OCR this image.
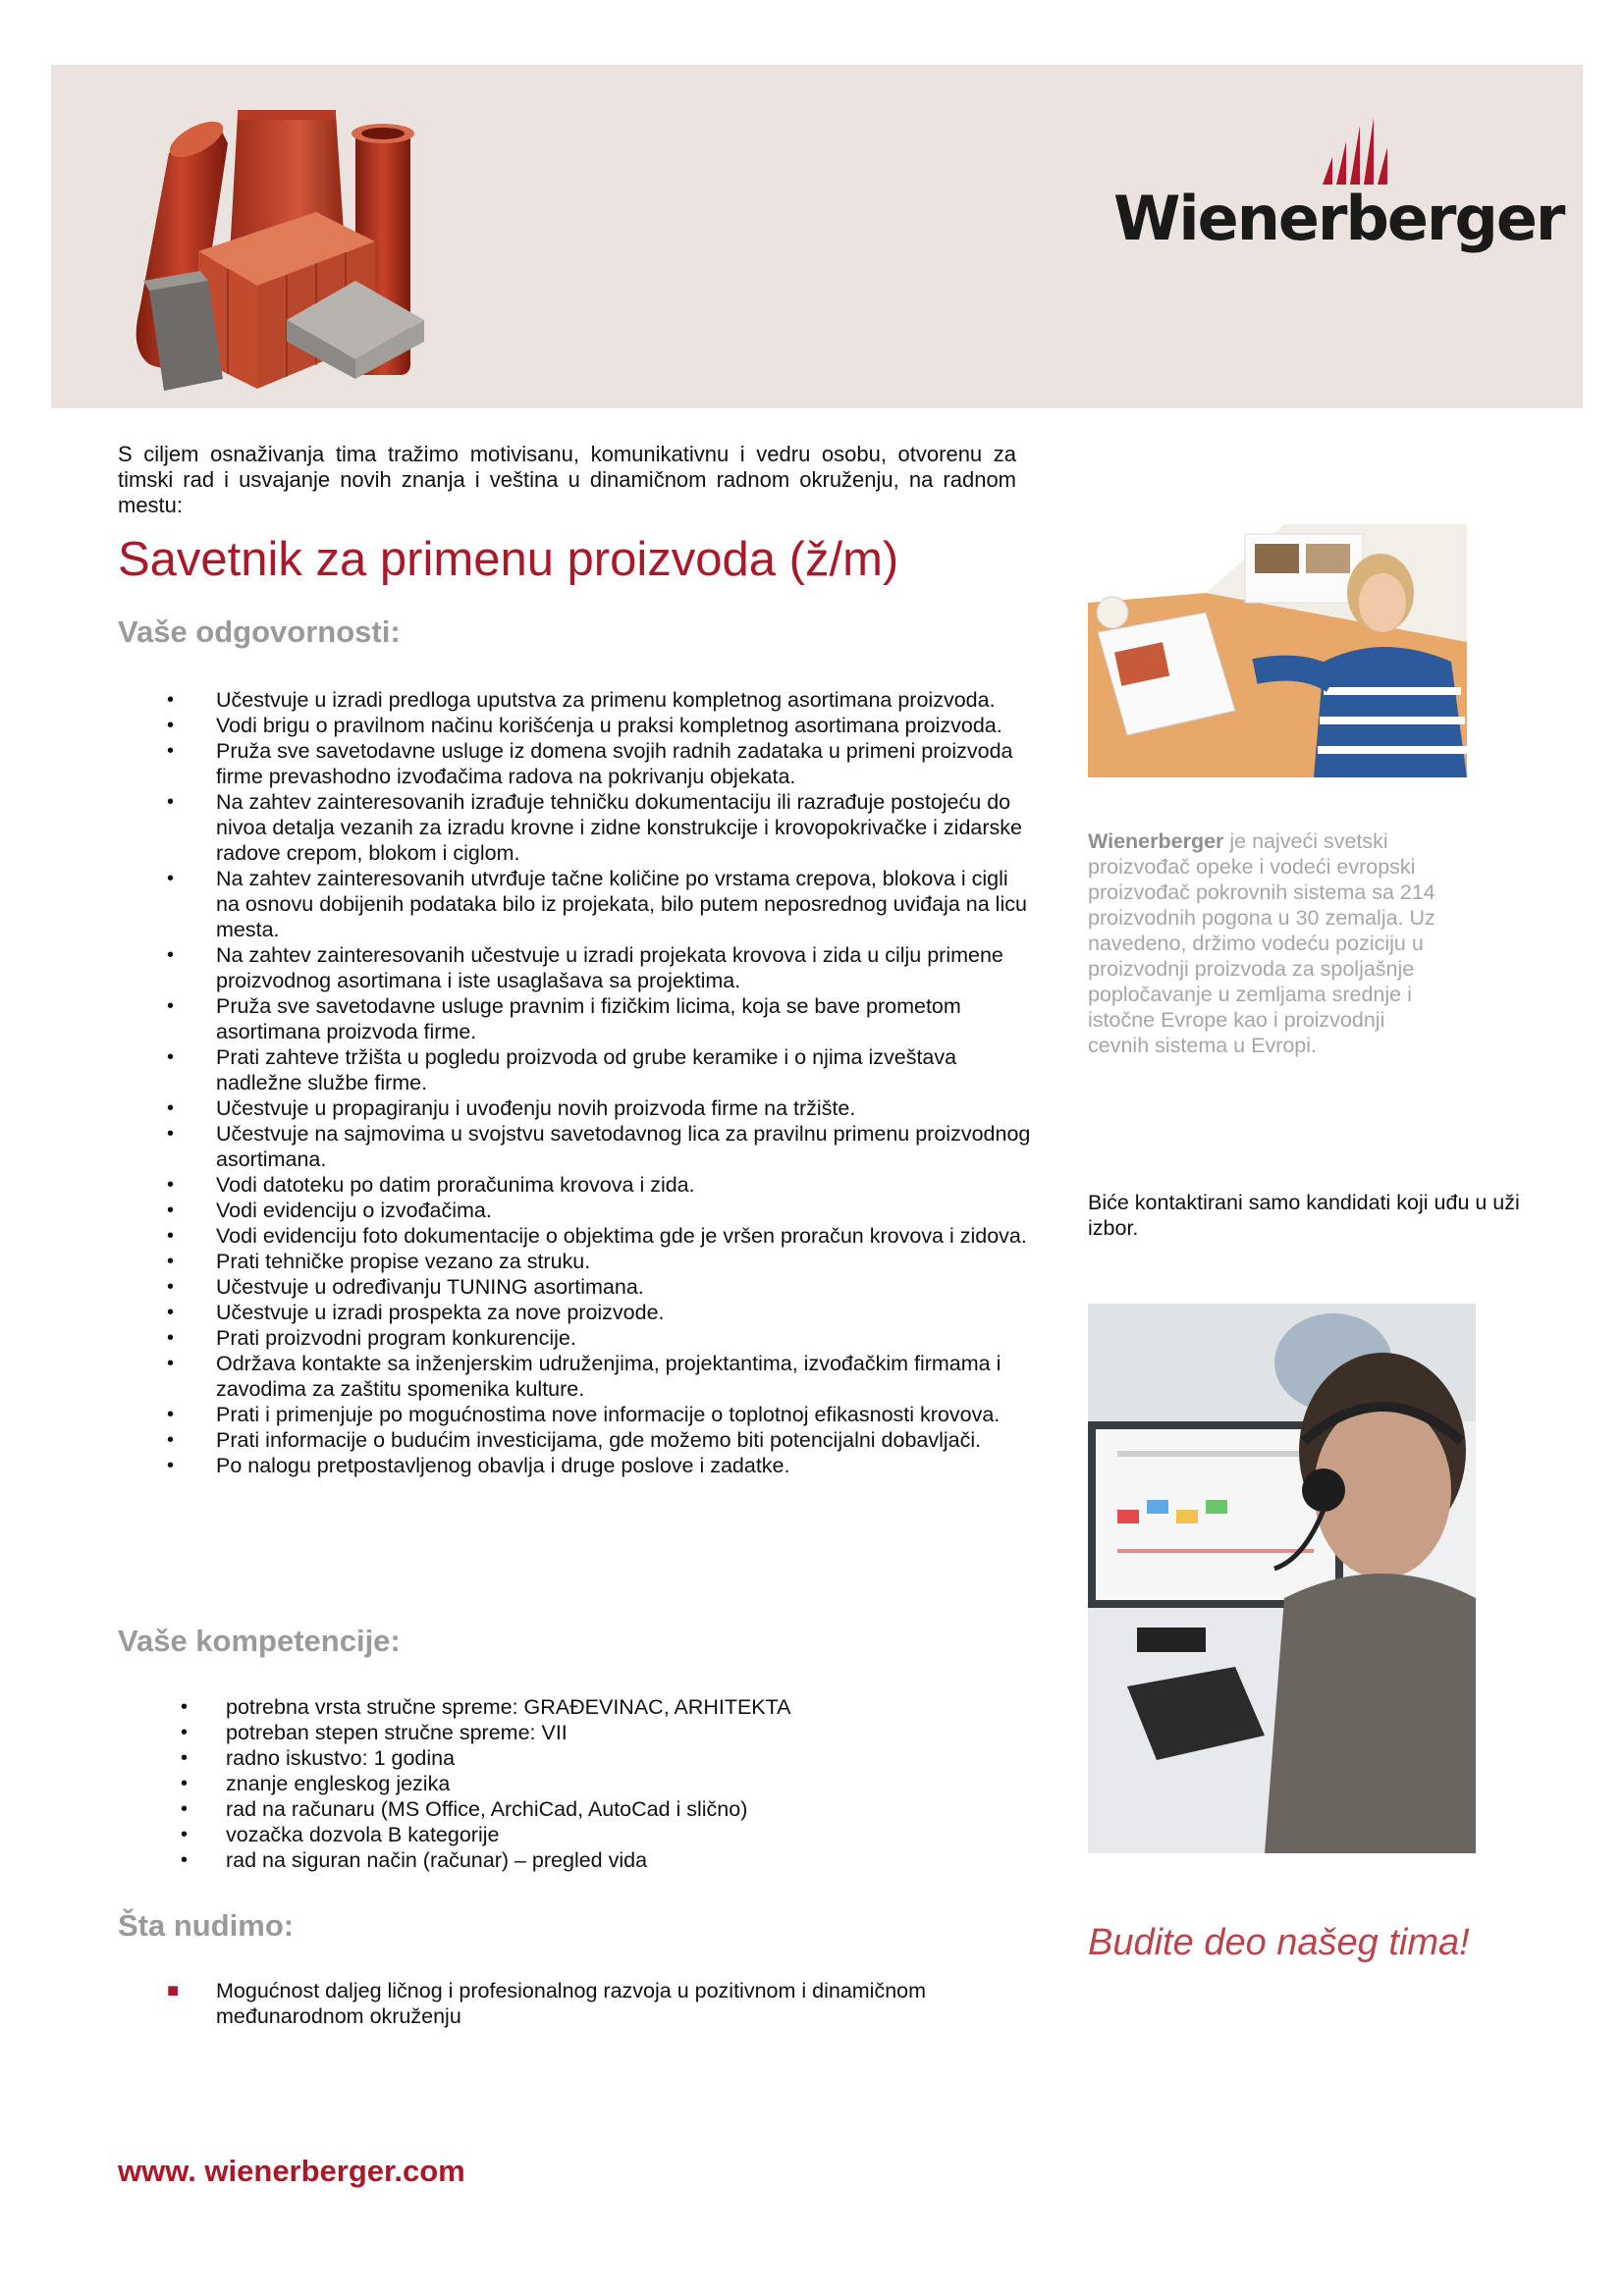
Wienerberger
S ciljem osnaživanja tima tražimo motivisanu, komunikativnu i vedru osobu, otvorenu za timski rad i usvajanje novih znanja i veština u dinamičnom radnom okruženju, na radnom mestu:
Savetnik za primenu proizvoda (ž/m)
Vaše odgovornosti:
• Učestvuje u izradi predloga uputstva za primenu kompletnog asortimana proizvoda.
• Vodi brigu o pravilnom načinu korišćenja u praksi kompletnog asortimana proizvoda.
• Pruža sve savetodavne usluge iz domena svojih radnih zadataka u primeni proizvoda firme prevashodno izvođačima radova na pokrivanju objekata.
• Na zahtev zainteresovanih izrađuje tehničku dokumentaciju ili razrađuje postojeću do nivoa detalja vezanih za izradu krovne i zidne konstrukcije i krovopokrivačke i zidarske radove crepom, blokom i ciglom.
• Na zahtev zainteresovanih utvrđuje tačne količine po vrstama crepova, blokova i cigli na osnovu dobijenih podataka bilo iz projekata, bilo putem neposrednog uviđaja na licu mesta.
• Na zahtev zainteresovanih učestvuje u izradi projekata krovova i zida u cilju primene proizvodnog asortimana i iste usaglašava sa projektima.
• Pruža sve savetodavne usluge pravnim i fizičkim licima, koja se bave prometom asortimana proizvoda firme.
• Prati zahteve tržišta u pogledu proizvoda od grube keramike i o njima izveštava nadležne službe firme.
• Učestvuje u propagiranju i uvođenju novih proizvoda firme na tržište.
• Učestvuje na sajmovima u svojstvu savetodavnog lica za pravilnu primenu proizvodnog asortimana.
• Vodi datoteku po datim proračunima krovova i zida.
• Vodi evidenciju o izvođačima.
• Vodi evidenciju foto dokumentacije o objektima gde je vršen proračun krovova i zidova.
• Prati tehničke propise vezano za struku.
• Učestvuje u određivanju TUNING asortimana.
• Učestvuje u izradi prospekta za nove proizvode.
• Prati proizvodni program konkurencije.
• Održava kontakte sa inženjerskim udruženjima, projektantima, izvođačkim firmama i zavodima za zaštitu spomenika kulture.
• Prati i primenjuje po mogućnostima nove informacije o toplotnoj efikasnosti krovova.
• Prati informacije o budućim investicijama, gde možemo biti potencijalni dobavljači.
• Po nalogu pretpostavljenog obavlja i druge poslove i zadatke.
Vaše kompetencije:
• potrebna vrsta stručne spreme: GRAĐEVINAC, ARHITEKTA
• potreban stepen stručne spreme: VII
• radno iskustvo: 1 godina
• znanje engleskog jezika
• rad na računaru (MS Office, ArchiCad, AutoCad i slično)
• vozačka dozvola B kategorije
• rad na siguran način (računar) – pregled vida
Šta nudimo:
■ Mogućnost daljeg ličnog i profesionalnog razvoja u pozitivnom i dinamičnom međunarodnom okruženju
Wienerberger je najveći svetski proizvođač opeke i vodeći evropski proizvođač pokrovnih sistema sa 214 proizvodnih pogona u 30 zemalja. Uz navedeno, držimo vodeću poziciju u proizvodnji proizvoda za spoljašnje popločavanje u zemljama srednje i istočne Evrope kao i proizvodnji cevnih sistema u Evropi.
Biće kontaktirani samo kandidati koji uđu u uži izbor.
Budite deo našeg tima!
www. wienerberger.com
